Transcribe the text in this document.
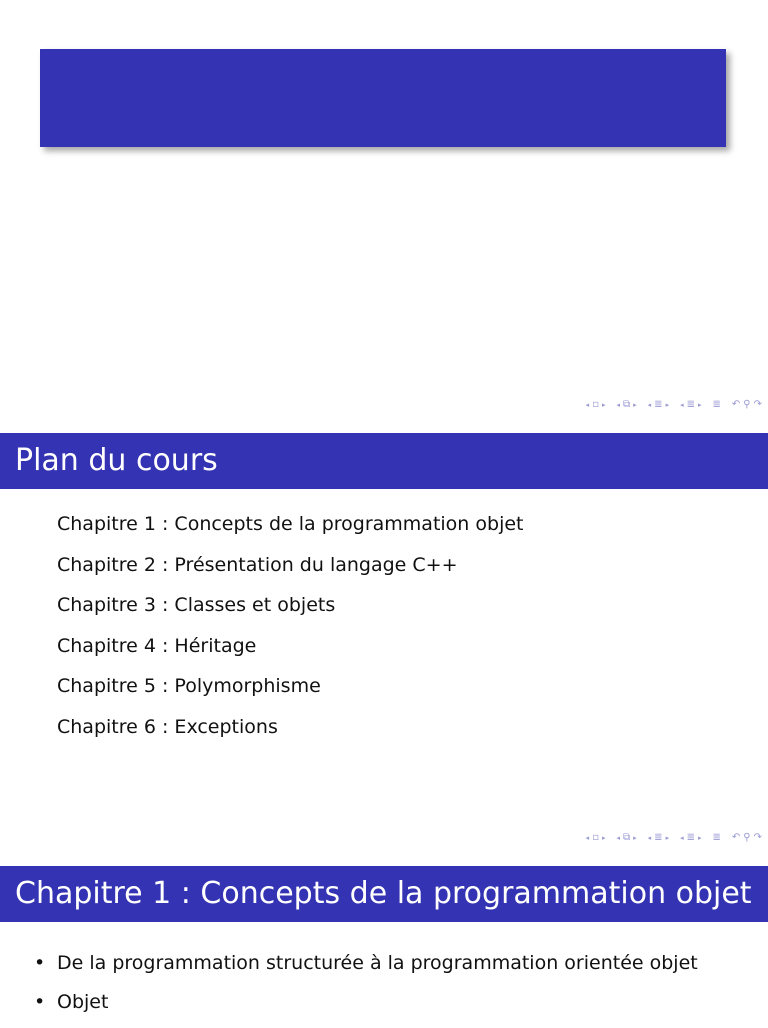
◂ ▫ ▸ ◂ ⧉ ▸ ◂ ≣ ▸ ◂ ≣ ▸ ≣ ↶ ⚲ ↷
Plan du cours
Chapitre 1 : Concepts de la programmation objet
Chapitre 2 : Présentation du langage C++
Chapitre 3 : Classes et objets
Chapitre 4 : Héritage
Chapitre 5 : Polymorphisme
Chapitre 6 : Exceptions
◂ ▫ ▸ ◂ ⧉ ▸ ◂ ≣ ▸ ◂ ≣ ▸ ≣ ↶ ⚲ ↷
Chapitre 1 : Concepts de la programmation objet
• De la programmation structurée à la programmation orientée objet
• Objet
